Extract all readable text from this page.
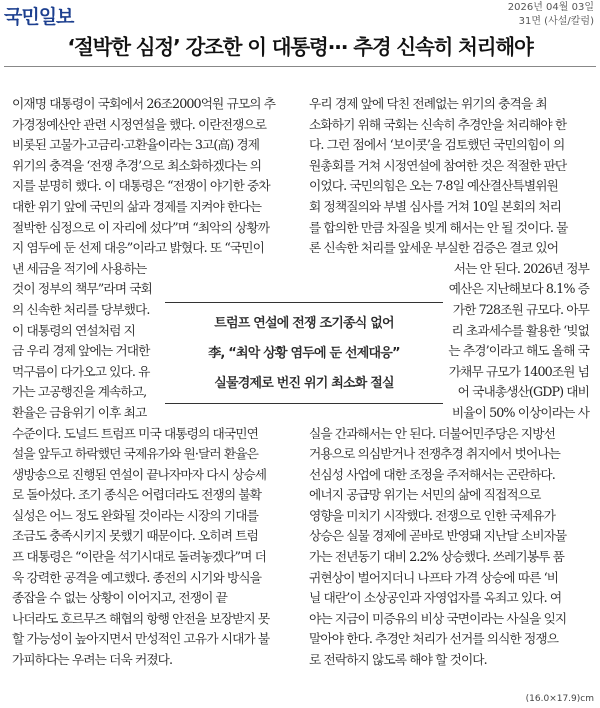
국민일보	2026년 04월 03일
31면 (사설/칼럼)
‘절박한 심정’ 강조한 이 대통령··· 추경 신속히 처리해야
이재명 대통령이 국회에서 26조2000억원 규모의 추
가경정예산안 관련 시정연설을 했다. 이란전쟁으로
비롯된 고물가·고금리·고환율이라는 3고(高) 경제
위기의 충격을 ‘전쟁 추경’으로 최소화하겠다는 의
지를 분명히 했다. 이 대통령은 “전쟁이 야기한 중차
대한 위기 앞에 국민의 삶과 경제를 지켜야 한다는
절박한 심정으로 이 자리에 섰다”며 “최악의 상황까
지 염두에 둔 선제 대응”이라고 밝혔다. 또 “국민이
낸 세금을 적기에 사용하는
것이 정부의 책무”라며 국회
의 신속한 처리를 당부했다.
이 대통령의 연설처럼 지
금 우리 경제 앞에는 거대한
먹구름이 다가오고 있다. 유
가는 고공행진을 계속하고,
환율은 금융위기 이후 최고
수준이다. 도널드 트럼프 미국 대통령의 대국민연
설을 앞두고 하락했던 국제유가와 원·달러 환율은
생방송으로 진행된 연설이 끝나자마자 다시 상승세
로 돌아섰다. 조기 종식은 어렵더라도 전쟁의 불확
실성은 어느 정도 완화될 것이라는 시장의 기대를
조금도 충족시키지 못했기 때문이다. 오히려 트럼
프 대통령은 “이란을 석기시대로 돌려놓겠다”며 더
욱 강력한 공격을 예고했다. 종전의 시기와 방식을
종잡을 수 없는 상황이 이어지고, 전쟁이 끝
나더라도 호르무즈 해협의 항행 안전을 보장받지 못
할 가능성이 높아지면서 만성적인 고유가 시대가 불
가피하다는 우려는 더욱 커졌다.
우리 경제 앞에 닥친 전례없는 위기의 충격을 최
소화하기 위해 국회는 신속히 추경안을 처리해야 한
다. 그런 점에서 ‘보이콧’을 검토했던 국민의힘이 의
원총회를 거쳐 시정연설에 참여한 것은 적절한 판단
이었다. 국민의힘은 오는 7·8일 예산결산특별위원
회 정책질의와 부별 심사를 거쳐 10일 본회의 처리
를 합의한 만큼 차질을 빚게 해서는 안 될 것이다. 물
론 신속한 처리를 앞세운 부실한 검증은 결코 있어
서는 안 된다. 2026년 정부
예산은 지난해보다 8.1% 증
가한 728조원 규모다. 아무
리 초과세수를 활용한 ‘빚없
는 추경’이라고 해도 올해 국
가채무 규모가 1400조원 넘
어 국내총생산(GDP) 대비
비율이 50% 이상이라는 사
실을 간과해서는 안 된다. 더불어민주당은 지방선
거용으로 의심받거나 전쟁추경 취지에서 벗어나는
선심성 사업에 대한 조정을 주저해서는 곤란하다.
에너지 공급망 위기는 서민의 삶에 직접적으로
영향을 미치기 시작했다. 전쟁으로 인한 국제유가
상승은 실물 경제에 곧바로 반영돼 지난달 소비자물
가는 전년동기 대비 2.2% 상승했다. 쓰레기봉투 품
귀현상이 벌어지더니 나프타 가격 상승에 따른 ‘비
닐 대란’이 소상공인과 자영업자를 옥죄고 있다. 여
야는 지금이 미증유의 비상 국면이라는 사실을 잊지
말아야 한다. 추경안 처리가 선거를 의식한 정쟁으
로 전락하지 않도록 해야 할 것이다.
트럼프 연설에 전쟁 조기종식 없어
李, “최악 상황 염두에 둔 선제대응”
실물경제로 번진 위기 최소화 절실
(16.0×17.9)cm
